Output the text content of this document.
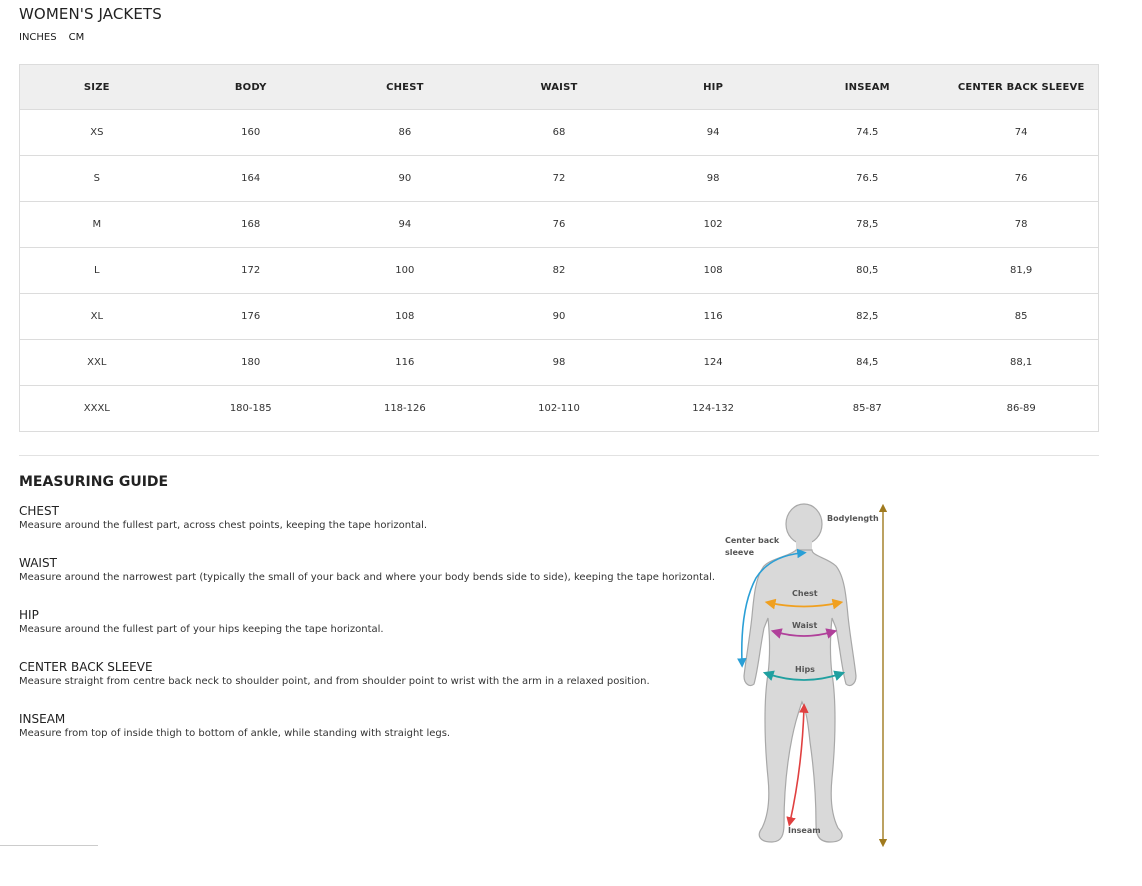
WOMEN'S JACKETS
INCHES CM
SIZE	BODY	CHEST	WAIST	HIP	INSEAM	CENTER BACK SLEEVE
XS	160	86	68	94	74.5	74
S	164	90	72	98	76.5	76
M	168	94	76	102	78,5	78
L	172	100	82	108	80,5	81,9
XL	176	108	90	116	82,5	85
XXL	180	116	98	124	84,5	88,1
XXXL	180-185	118-126	102-110	124-132	85-87	86-89
MEASURING GUIDE
CHEST
Measure around the fullest part, across chest points, keeping the tape horizontal.
WAIST
Measure around the narrowest part (typically the small of your back and where your body bends side to side), keeping the tape horizontal.
HIP
Measure around the fullest part of your hips keeping the tape horizontal.
CENTER BACK SLEEVE
Measure straight from centre back neck to shoulder point, and from shoulder point to wrist with the arm in a relaxed position.
INSEAM
Measure from top of inside thigh to bottom of ankle, while standing with straight legs.
Bodylength
Center back
sleeve
Chest
Waist
Hips
Inseam
